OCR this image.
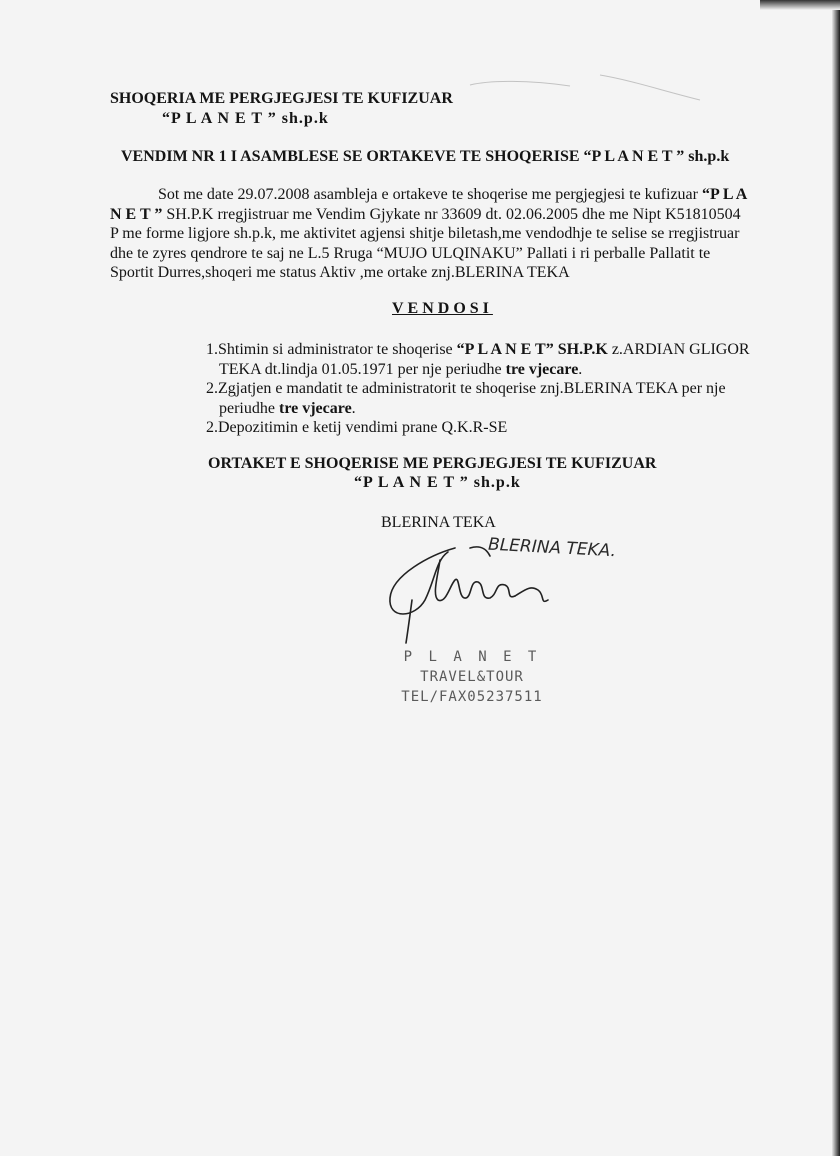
SHOQERIA ME PERGJEGJESI TE KUFIZUAR
“P L A N E T ” sh.p.k
VENDIM NR 1 I ASAMBLESE SE ORTAKEVE TE SHOQERISE “P L A N E T ” sh.p.k
Sot me date 29.07.2008 asambleja e ortakeve te shoqerise me pergjegjesi te kufizuar “P L A
N E T ” SH.P.K rregjistruar me Vendim Gjykate nr 33609 dt. 02.06.2005 dhe me Nipt K51810504
P me forme ligjore sh.p.k, me aktivitet agjensi shitje biletash,me vendodhje te selise se rregjistruar
dhe te zyres qendrore te saj ne L.5 Rruga “MUJO ULQINAKU” Pallati i ri perballe Pallatit te
Sportit Durres,shoqeri me status Aktiv ,me ortake znj.BLERINA TEKA
VENDOSI
1.Shtimin si administrator te shoqerise “P L A N E T” SH.P.K z.ARDIAN GLIGOR
TEKA dt.lindja 01.05.1971 per nje periudhe tre vjecare.
2.Zgjatjen e mandatit te administratorit te shoqerise znj.BLERINA TEKA per nje
periudhe tre vjecare.
2.Depozitimin e ketij vendimi prane Q.K.R-SE
ORTAKET E SHOQERISE ME PERGJEGJESI TE KUFIZUAR
“P L A N E T ” sh.p.k
BLERINA TEKA
BLERINA TEKA.
P L A N E T
TRAVEL&TOUR
TEL/FAX05237511
